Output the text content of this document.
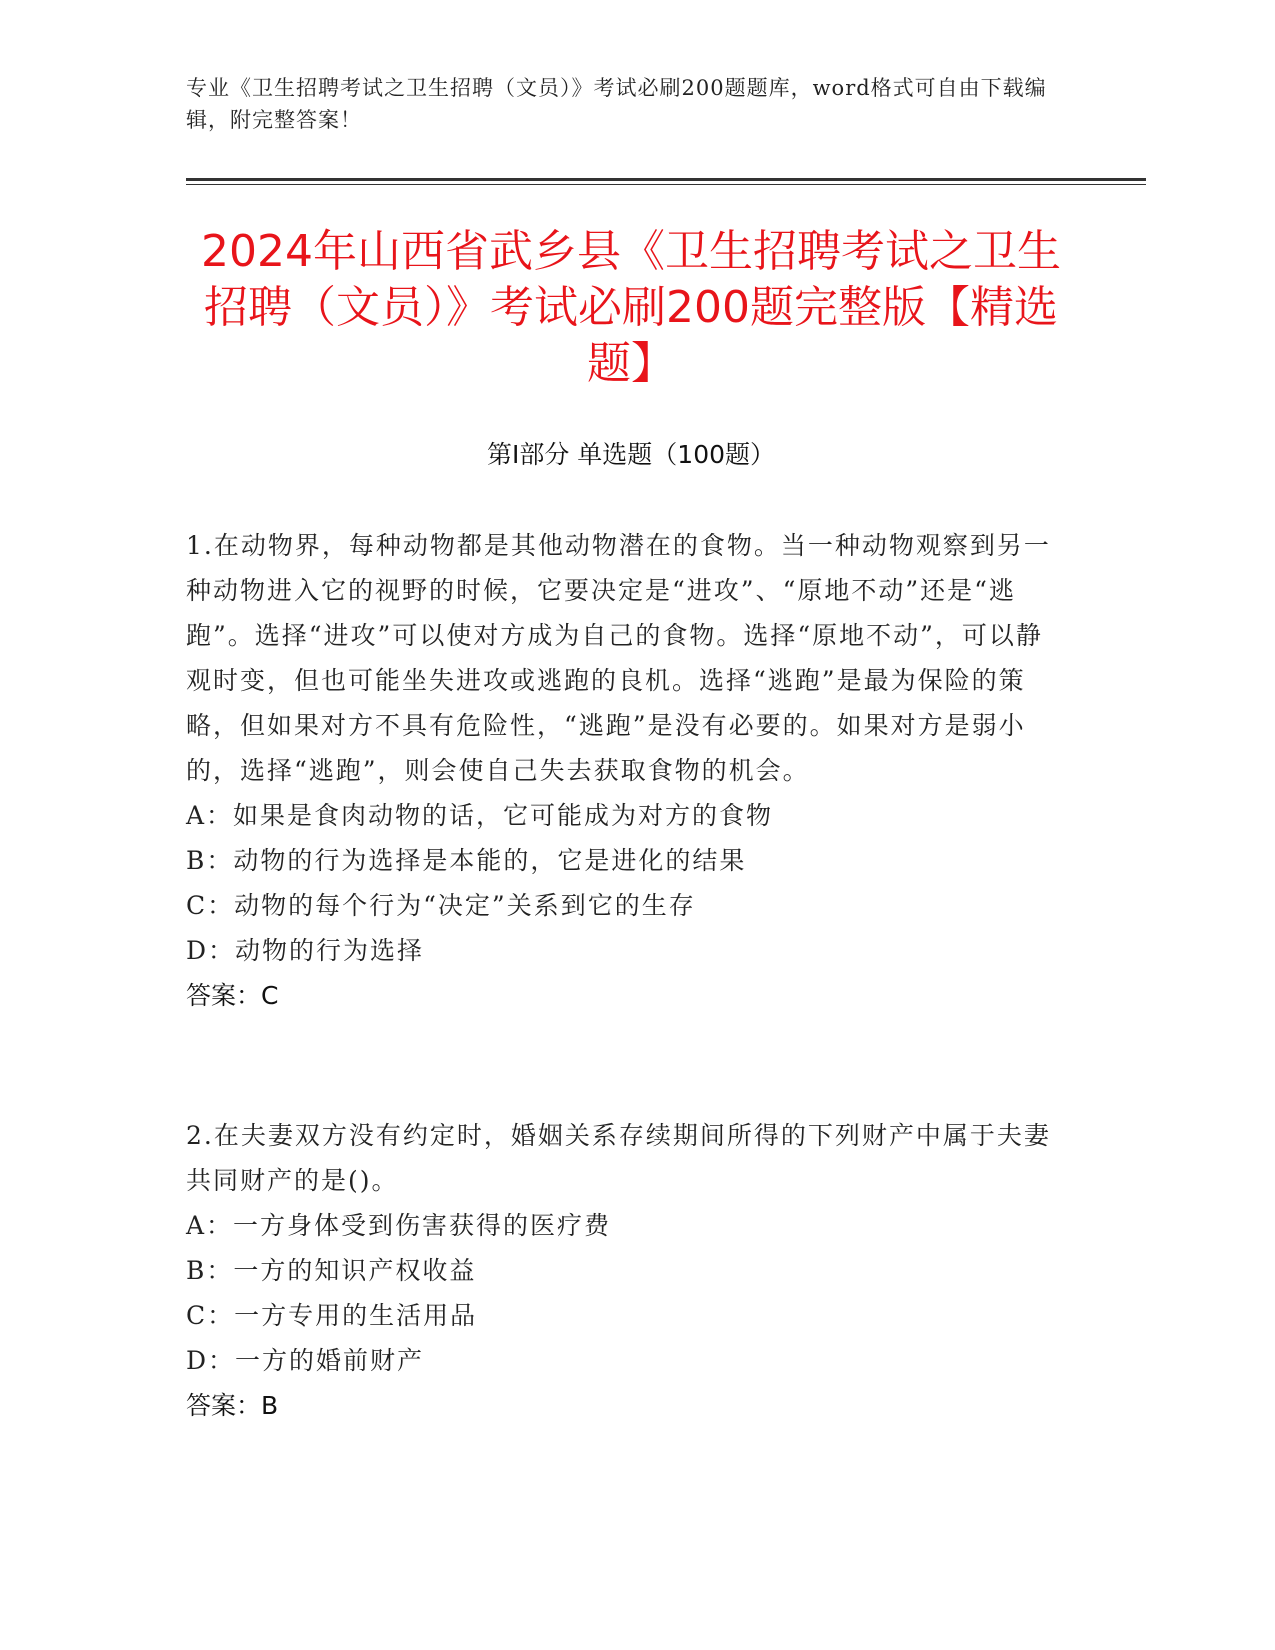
专业《卫生招聘考试之卫生招聘（文员）》考试必刷200题题库，word格式可自由下载编辑，附完整答案！
2024年山西省武乡县《卫生招聘考试之卫生招聘（文员）》考试必刷200题完整版【精选题】
第I部分 单选题（100题）

1.在动物界，每种动物都是其他动物潜在的食物。当一种动物观察到另一种动物进入它的视野的时候，它要决定是“进攻”、“原地不动”还是“逃跑”。选择“进攻”可以使对方成为自己的食物。选择“原地不动”，可以静观时变，但也可能坐失进攻或逃跑的良机。选择“逃跑”是最为保险的策略，但如果对方不具有危险性，“逃跑”是没有必要的。如果对方是弱小的，选择“逃跑”，则会使自己失去获取食物的机会。

A：如果是食肉动物的话，它可能成为对方的食物

B：动物的行为选择是本能的，它是进化的结果

C：动物的每个行为“决定”关系到它的生存

D：动物的行为选择

答案：C

2.在夫妻双方没有约定时，婚姻关系存续期间所得的下列财产中属于夫妻共同财产的是()。

A：一方身体受到伤害获得的医疗费

B：一方的知识产权收益

C：一方专用的生活用品

D：一方的婚前财产

答案：B
